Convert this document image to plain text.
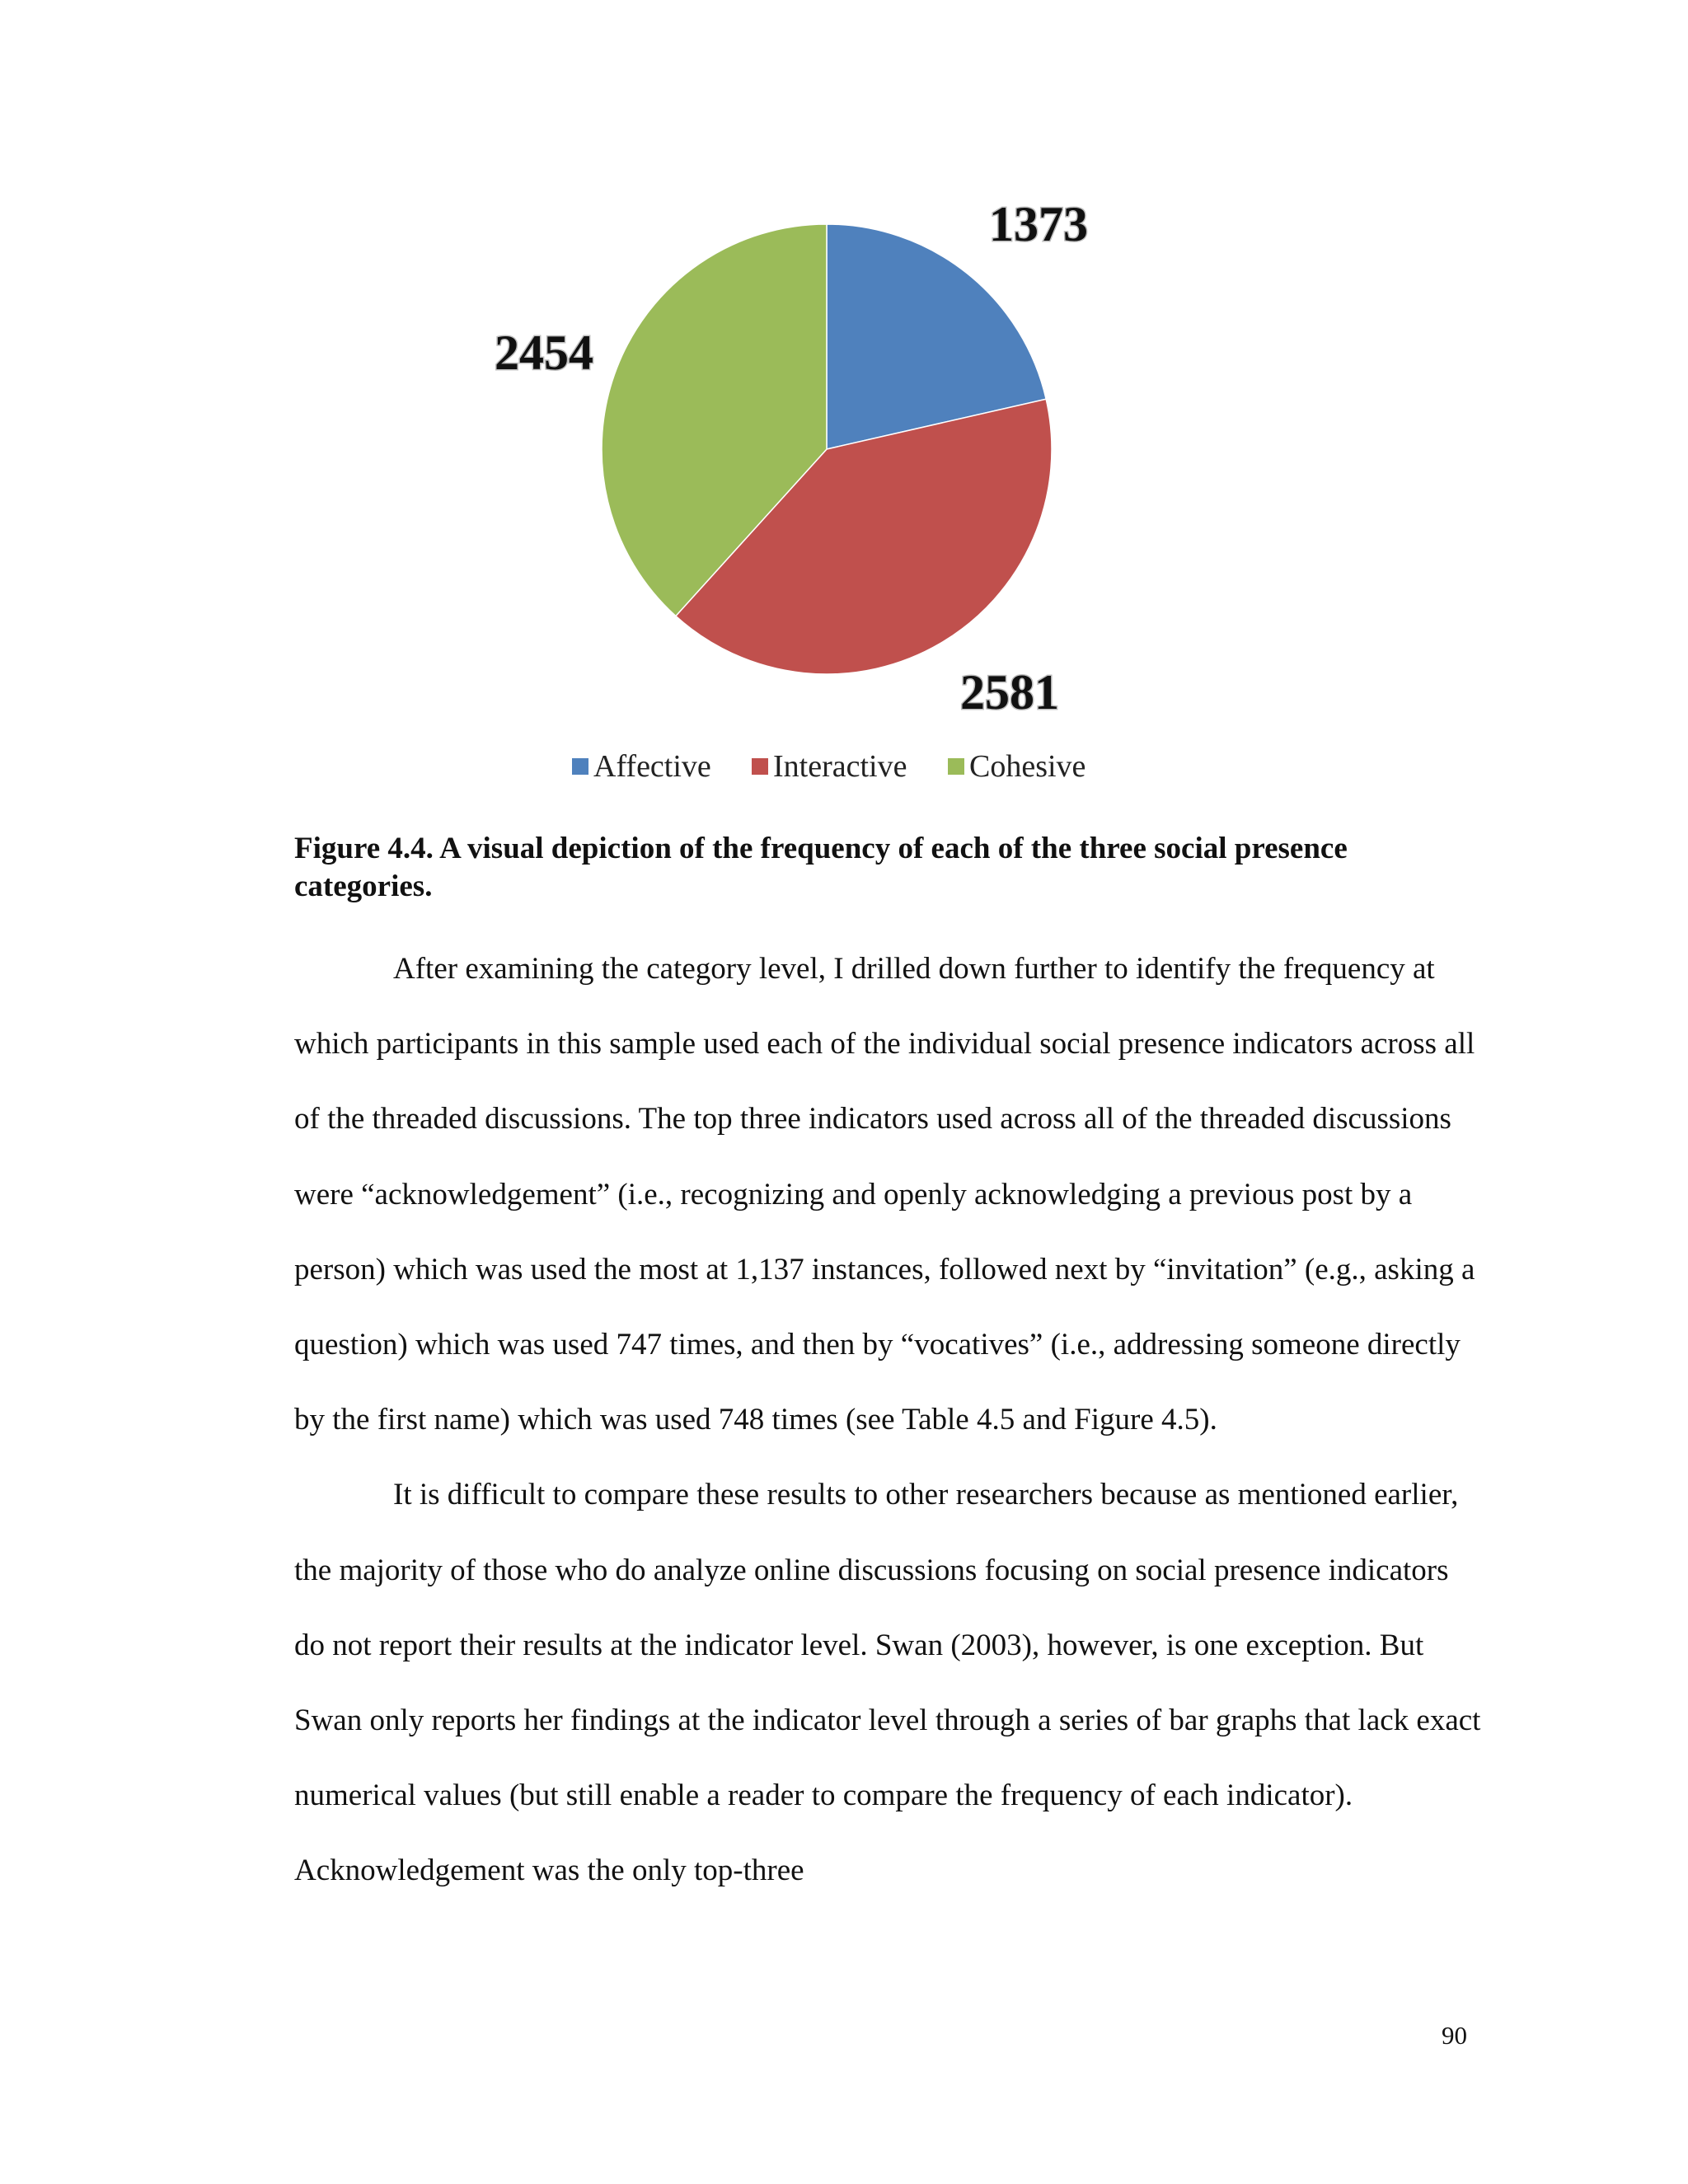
1373
2581
2454
Affective Interactive Cohesive

Figure 4.4. A visual depiction of the frequency of each of the three social presence categories.

After examining the category level, I drilled down further to identify the frequency at which participants in this sample used each of the individual social presence indicators across all of the threaded discussions. The top three indicators used across all of the threaded discussions were “acknowledgement” (i.e., recognizing and openly acknowledging a previous post by a person) which was used the most at 1,137 instances, followed next by “invitation” (e.g., asking a question) which was used 747 times, and then by “vocatives” (i.e., addressing someone directly by the first name) which was used 748 times (see Table 4.5 and Figure 4.5).

It is difficult to compare these results to other researchers because as mentioned earlier, the majority of those who do analyze online discussions focusing on social presence indicators do not report their results at the indicator level. Swan (2003), however, is one exception. But Swan only reports her findings at the indicator level through a series of bar graphs that lack exact numerical values (but still enable a reader to compare the frequency of each indicator). Acknowledgement was the only top-three

90
